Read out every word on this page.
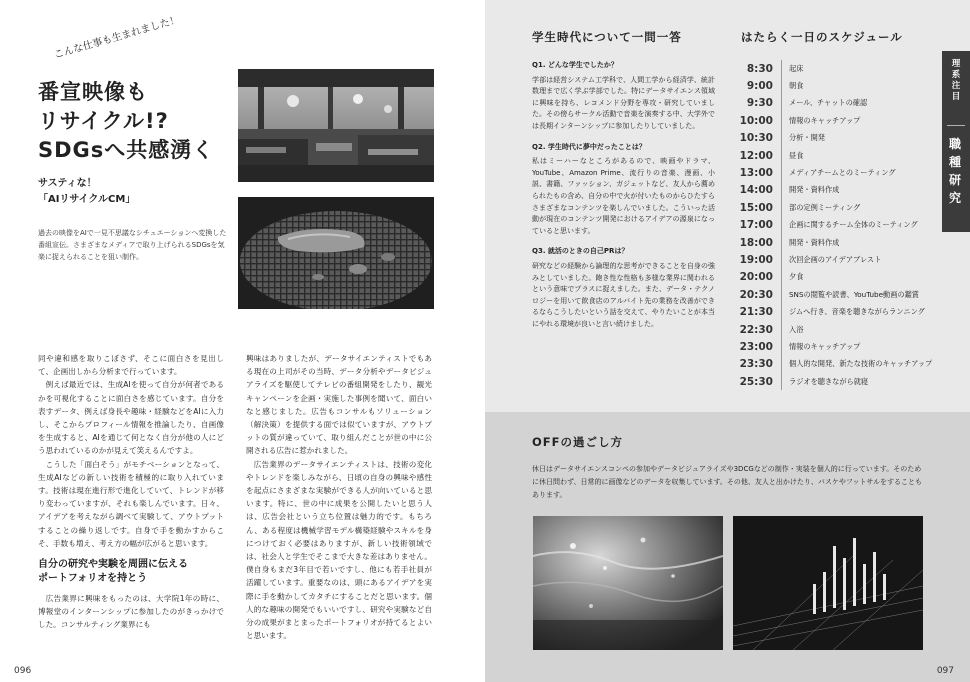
こんな仕事も生まれました！
番宣映像も
リサイクル!?
SDGsへ共感湧く
サスティな！
「AIリサイクルCM」

過去の映像をAIで一見不思議なシチュエーションへ変換した番組宣伝。さまざまなメディアで取り上げられるSDGsを気楽に捉えられることを狙い制作。

同や違和感を取りこぼさず、そこに面白さを見出して、企画出しから分析まで行っています。

例えば最近では、生成AIを使って自分が何者であるかを可視化することに面白さを感じています。自分を表すデータ、例えば身長や趣味・経験などをAIに入力し、そこからプロフィール情報を推論したり、自画像を生成すると、AIを通じて何となく自分が他の人にどう思われているのかが見えて笑えるんですよ。

こうした「面白そう」がモチベーションとなって、生成AIなどの新しい技術を積極的に取り入れています。技術は現在進行形で進化していて、トレンドが移り変わっていますが、それも楽しんでいます。日々、アイデアを考えながら調べて実験して、アウトプットすることの繰り返しです。自身で手を動かすからこそ、手数も増え、考え方の幅が広がると思います。

自分の研究や実験を周囲に伝える
ポートフォリオを持とう

広告業界に興味をもったのは、大学院1年の時に、博報堂のインターンシップに参加したのがきっかけでした。コンサルティング業界にも

興味はありましたが、データサイエンティストでもある現在の上司がその当時、データ分析やデータビジュアライズを駆使してテレビの番組開発をしたり、観光キャンペーンを企画・実施した事例を聞いて、面白いなと感じました。広告もコンサルもソリューション（解決策）を提供する面では似ていますが、アウトプットの質が違っていて、取り組んだことが世の中に公開される広告に惹かれました。

広告業界のデータサイエンティストは、技術の変化やトレンドを楽しみながら、日頃の自身の興味や感性を起点にさまざまな実験ができる人が向いていると思います。特に、世の中に成果を公開したいと思う人は、広告会社という立ち位置は魅力的です。もちろん、ある程度は機械学習モデル構築経験やスキルを身につけておく必要はありますが、新しい技術領域では、社会人と学生でそこまで大きな差はありません。僕自身もまだ3年目で若いですし、他にも若手社員が活躍しています。重要なのは、頭にあるアイデアを実際に手を動かしてカタチにすることだと思います。個人的な趣味の開発でもいいですし、研究や実験など自分の成果がまとまったポートフォリオが持てるとよいと思います。

096
学生時代について一問一答
Q1. どんな学生でしたか？
学部は経営システム工学科で、人間工学から経済学、統計数理まで広く学ぶ学部でした。特にデータサイエンス領域に興味を持ち、レコメンド分野を専攻・研究していました。その傍らサークル活動で音楽を演奏する中、大学外では長期インターンシップに参加したりしていました。
Q2. 学生時代に夢中だったことは？
私はミーハーなところがあるので、映画やドラマ、YouTube、Amazon Prime、流行りの音楽、漫画、小説、書籍、ファッション、ガジェットなど、友人から薦められたもの含め、自分の中で火が付いたものからひたすらさまざまなコンテンツを楽しんでいました。こういった活動が現在のコンテンツ開発におけるアイデアの源泉になっていると思います。
Q3. 就活のときの自己PRは？
研究などの経験から論理的な思考ができることを自身の強みとしていました。飽き性な性格も多様な業界に関われるという意味でプラスに捉えました。また、データ・テクノロジーを用いて飲食店のアルバイト先の業務を改善ができるならこうしたいという話を交えて、やりたいことが本当にやれる環境が良いと言い続けました。
はたらく一日のスケジュール
8:30 起床
9:00 朝食
9:30 メール、チャットの確認
10:00 情報のキャッチアップ
10:30 分析・開発
12:00 昼食
13:00 メディアチームとのミーティング
14:00 開発・資料作成
15:00 部の定例ミーティング
17:00 企画に関するチーム全体のミーティング
18:00 開発・資料作成
19:00 次回企画のアイデアブレスト
20:00 夕食
20:30 SNSの閲覧や読書、YouTube動画の鑑賞
21:30 ジムへ行き、音楽を聴きながらランニング
22:30 入浴
23:00 情報のキャッチアップ
23:30 個人的な開発、新たな技術のキャッチアップ
25:30 ラジオを聴きながら就寝
理
系
注
目
職
種
研
究
OFFの過ごし方

休日はデータサイエンスコンペの参加やデータビジュアライズや3DCGなどの制作・実装を個人的に行っています。そのために休日問わず、日常的に画像などのデータを収集しています。その他、友人と出かけたり、バスケやフットサルをすることもあります。

097
